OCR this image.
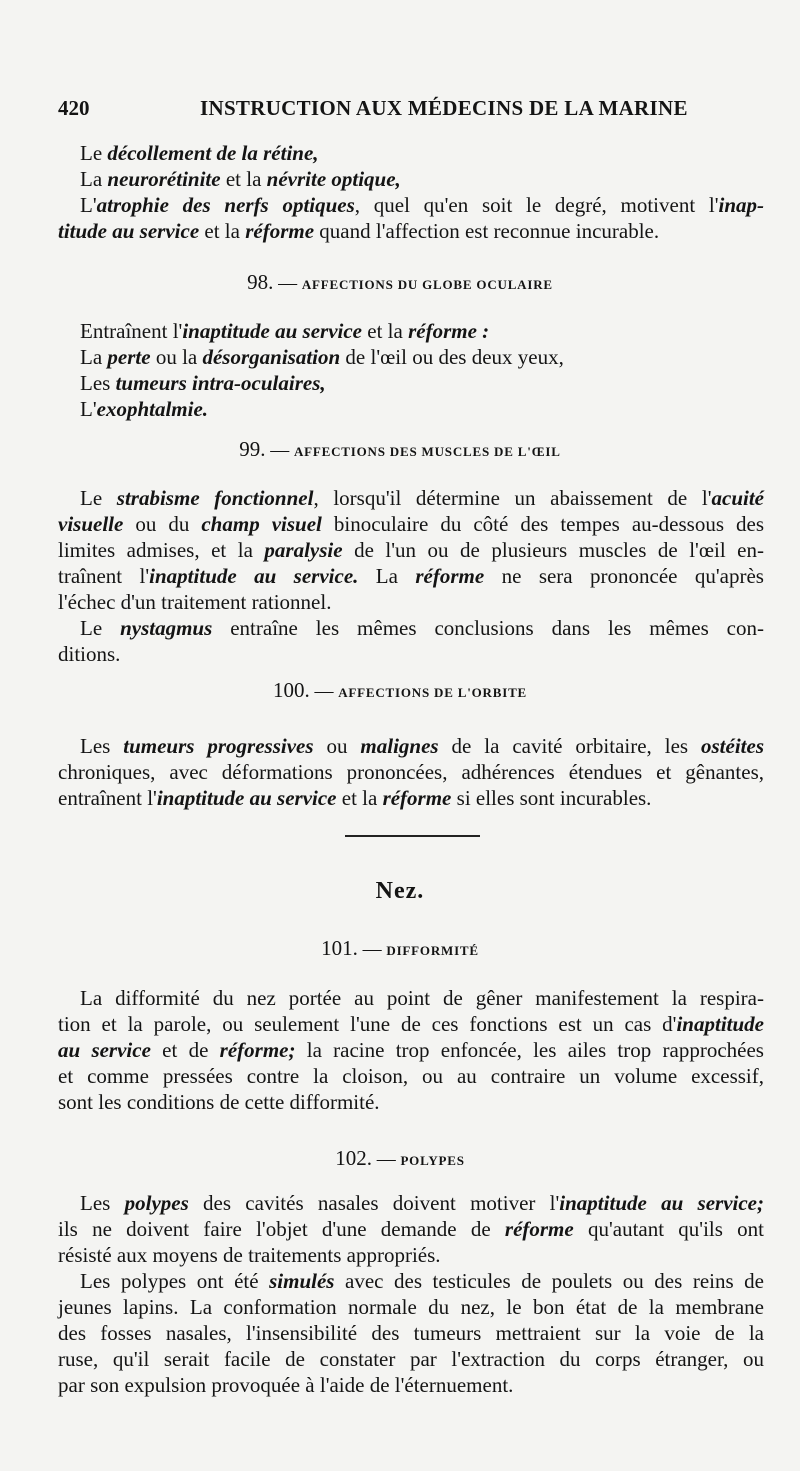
420	INSTRUCTION AUX MÉDECINS DE LA MARINE
Le décollement de la rétine,
La neurorétinite et la névrite optique,
L'atrophie des nerfs optiques, quel qu'en soit le degré, motivent l'inap-
titude au service et la réforme quand l'affection est reconnue incurable.
Entraînent l'inaptitude au service et la réforme :
La perte ou la désorganisation de l'œil ou des deux yeux,
Les tumeurs intra-oculaires,
L'exophtalmie.
Le strabisme fonctionnel, lorsqu'il détermine un abaissement de l'acuité
visuelle ou du champ visuel binoculaire du côté des tempes au-dessous des
limites admises, et la paralysie de l'un ou de plusieurs muscles de l'œil en-
traînent l'inaptitude au service. La réforme ne sera prononcée qu'après
l'échec d'un traitement rationnel.
Le nystagmus entraîne les mêmes conclusions dans les mêmes con-
ditions.
Les tumeurs progressives ou malignes de la cavité orbitaire, les ostéites
chroniques, avec déformations prononcées, adhérences étendues et gênantes,
entraînent l'inaptitude au service et la réforme si elles sont incurables.
La difformité du nez portée au point de gêner manifestement la respira-
tion et la parole, ou seulement l'une de ces fonctions est un cas d'inaptitude
au service et de réforme; la racine trop enfoncée, les ailes trop rapprochées
et comme pressées contre la cloison, ou au contraire un volume excessif,
sont les conditions de cette difformité.
Les polypes des cavités nasales doivent motiver l'inaptitude au service;
ils ne doivent faire l'objet d'une demande de réforme qu'autant qu'ils ont
résisté aux moyens de traitements appropriés.
Les polypes ont été simulés avec des testicules de poulets ou des reins de
jeunes lapins. La conformation normale du nez, le bon état de la membrane
des fosses nasales, l'insensibilité des tumeurs mettraient sur la voie de la
ruse, qu'il serait facile de constater par l'extraction du corps étranger, ou
par son expulsion provoquée à l'aide de l'éternuement.
98. — AFFECTIONS DU GLOBE OCULAIRE
99. — AFFECTIONS DES MUSCLES DE L'ŒIL
100. — AFFECTIONS DE L'ORBITE
Nez.
101. — DIFFORMITÉ
102. — POLYPES
